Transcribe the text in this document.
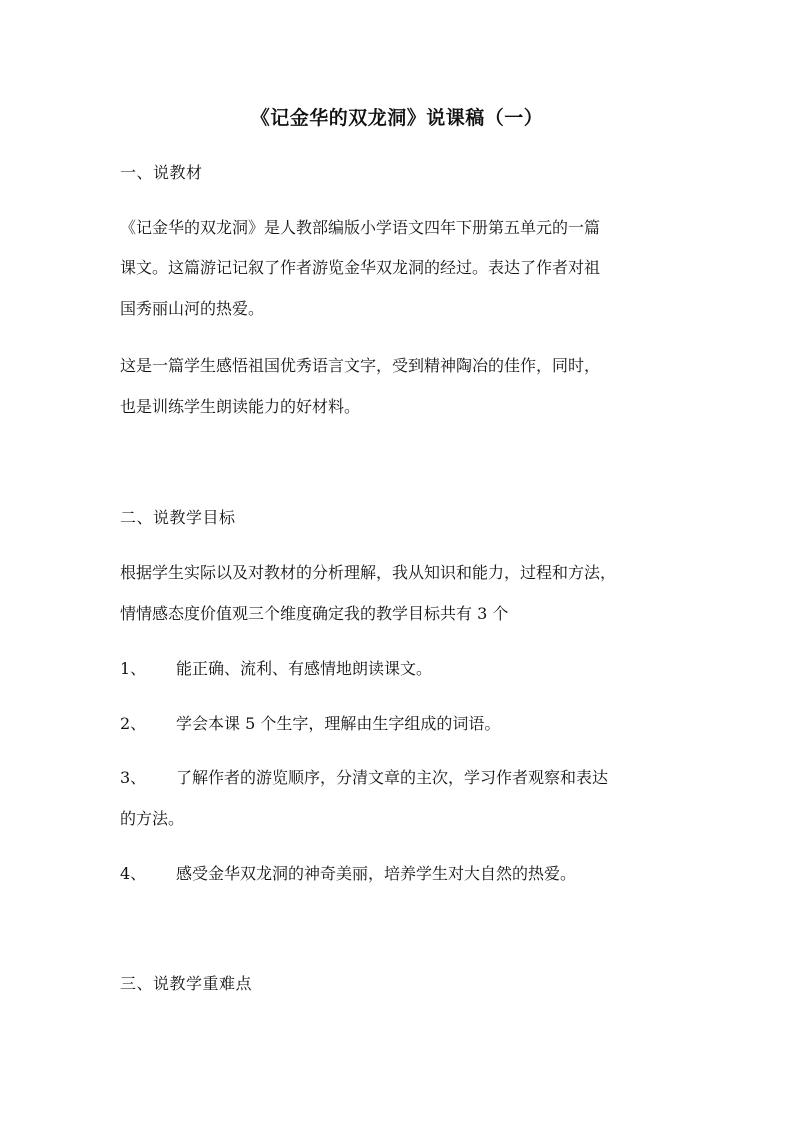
《记金华的双龙洞》说课稿（一）
一、说教材
《记金华的双龙洞》是人教部编版小学语文四年下册第五单元的一篇
课文。这篇游记记叙了作者游览金华双龙洞的经过。表达了作者对祖
国秀丽山河的热爱。
这是一篇学生感悟祖国优秀语言文字，受到精神陶冶的佳作，同时，
也是训练学生朗读能力的好材料。
二、说教学目标
根据学生实际以及对教材的分析理解，我从知识和能力，过程和方法，
情情感态度价值观三个维度确定我的教学目标共有 3 个
1、 能正确、流利、有感情地朗读课文。
2、 学会本课 5 个生字，理解由生字组成的词语。
3、 了解作者的游览顺序，分清文章的主次，学习作者观察和表达
的方法。
4、 感受金华双龙洞的神奇美丽，培养学生对大自然的热爱。
三、说教学重难点
